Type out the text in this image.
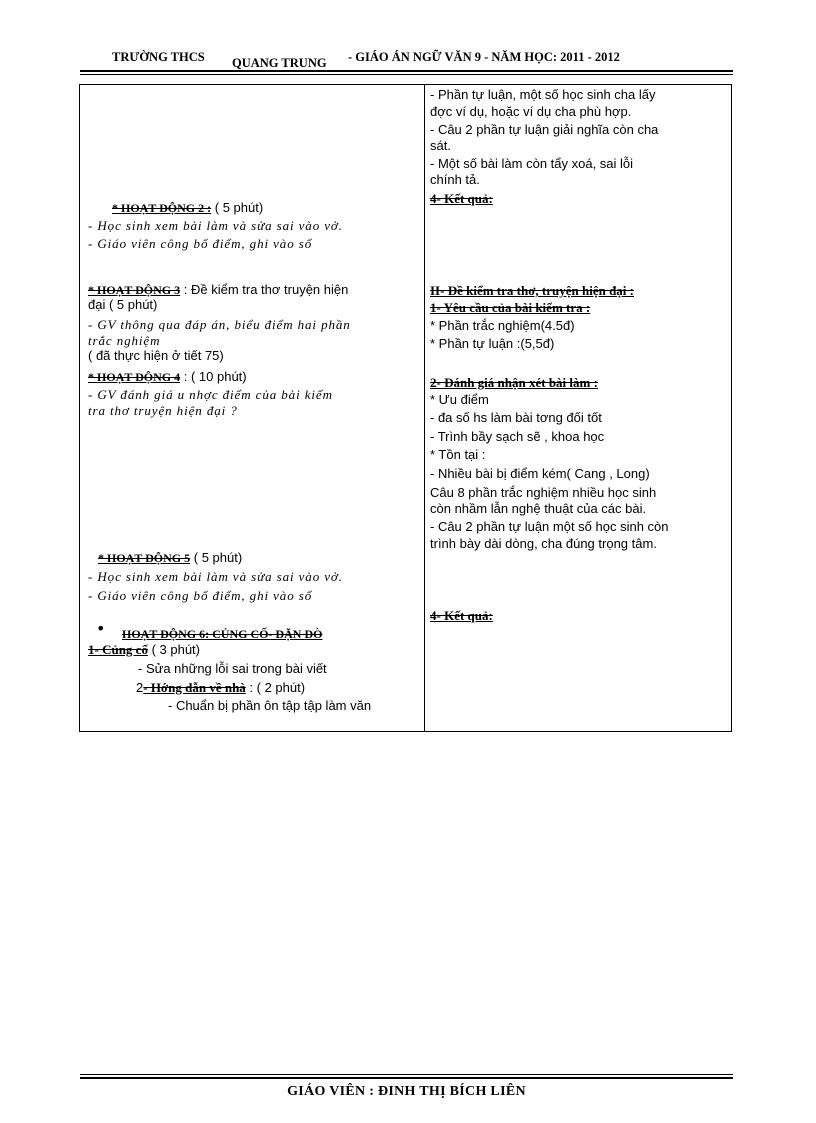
TRƯỜNG THCS QUANG TRUNG - GIÁO ÁN NGỮ VĂN 9 - NĂM HỌC: 2011 - 2012
* HOẠT ĐỘNG 2 : ( 5 phút)
- Học sinh xem bài làm và sửa sai vào vở.
- Giáo viên công bố điểm, ghi vào sổ
* HOẠT ĐỘNG 3 : Đề kiểm tra thơ truyện hiện
đại ( 5 phút)
- GV thông qua đáp án, biểu điểm hai phần
trắc nghiệm
( đã thực hiện ở tiết 75)
* HOẠT ĐỘNG 4 : ( 10 phút)
- GV đánh giá u nhợc điểm của bài kiểm
tra thơ truyện hiện đại ?
* HOẠT ĐỘNG 5 ( 5 phút)
- Học sinh xem bài làm và sửa sai vào vở.
- Giáo viên công bố điểm, ghi vào sổ
• HOẠT ĐỘNG 6: CỦNG CỐ- DẶN DÒ
1- Củng cố ( 3 phút)
- Sửa những lỗi sai trong bài viết
2- Hớng dẫn về nhà : ( 2 phút)
- Chuẩn bị phần ôn tập tập làm văn
- Phần tự luận, một số học sinh cha lấy
đợc ví dụ, hoặc ví dụ cha phù hợp.
- Câu 2 phần tự luận giải nghĩa còn cha
sát.
- Một số bài làm còn tẩy xoá, sai lỗi
chính tả.
4- Kết quả:
II- Đề kiểm tra thơ, truyện hiện đại :
1- Yêu cầu của bài kiểm tra :
* Phần trắc nghiệm(4.5đ)
* Phần tự luận :(5,5đ)
2- Đánh giá nhận xét bài làm :
* Ưu điểm
- đa số hs làm bài tơng đối tốt
- Trình bầy sạch sẽ , khoa học
* Tồn tại :
- Nhiều bài bị điểm kém( Cang , Long)
Câu 8 phần trắc nghiệm nhiều học sinh
còn nhầm lẫn nghệ thuật của các bài.
- Câu 2 phần tự luận một số học sinh còn
trình bày dài dòng, cha đúng trọng tâm.
4- Kết quả:
GIÁO VIÊN : ĐINH THỊ BÍCH LIÊN
